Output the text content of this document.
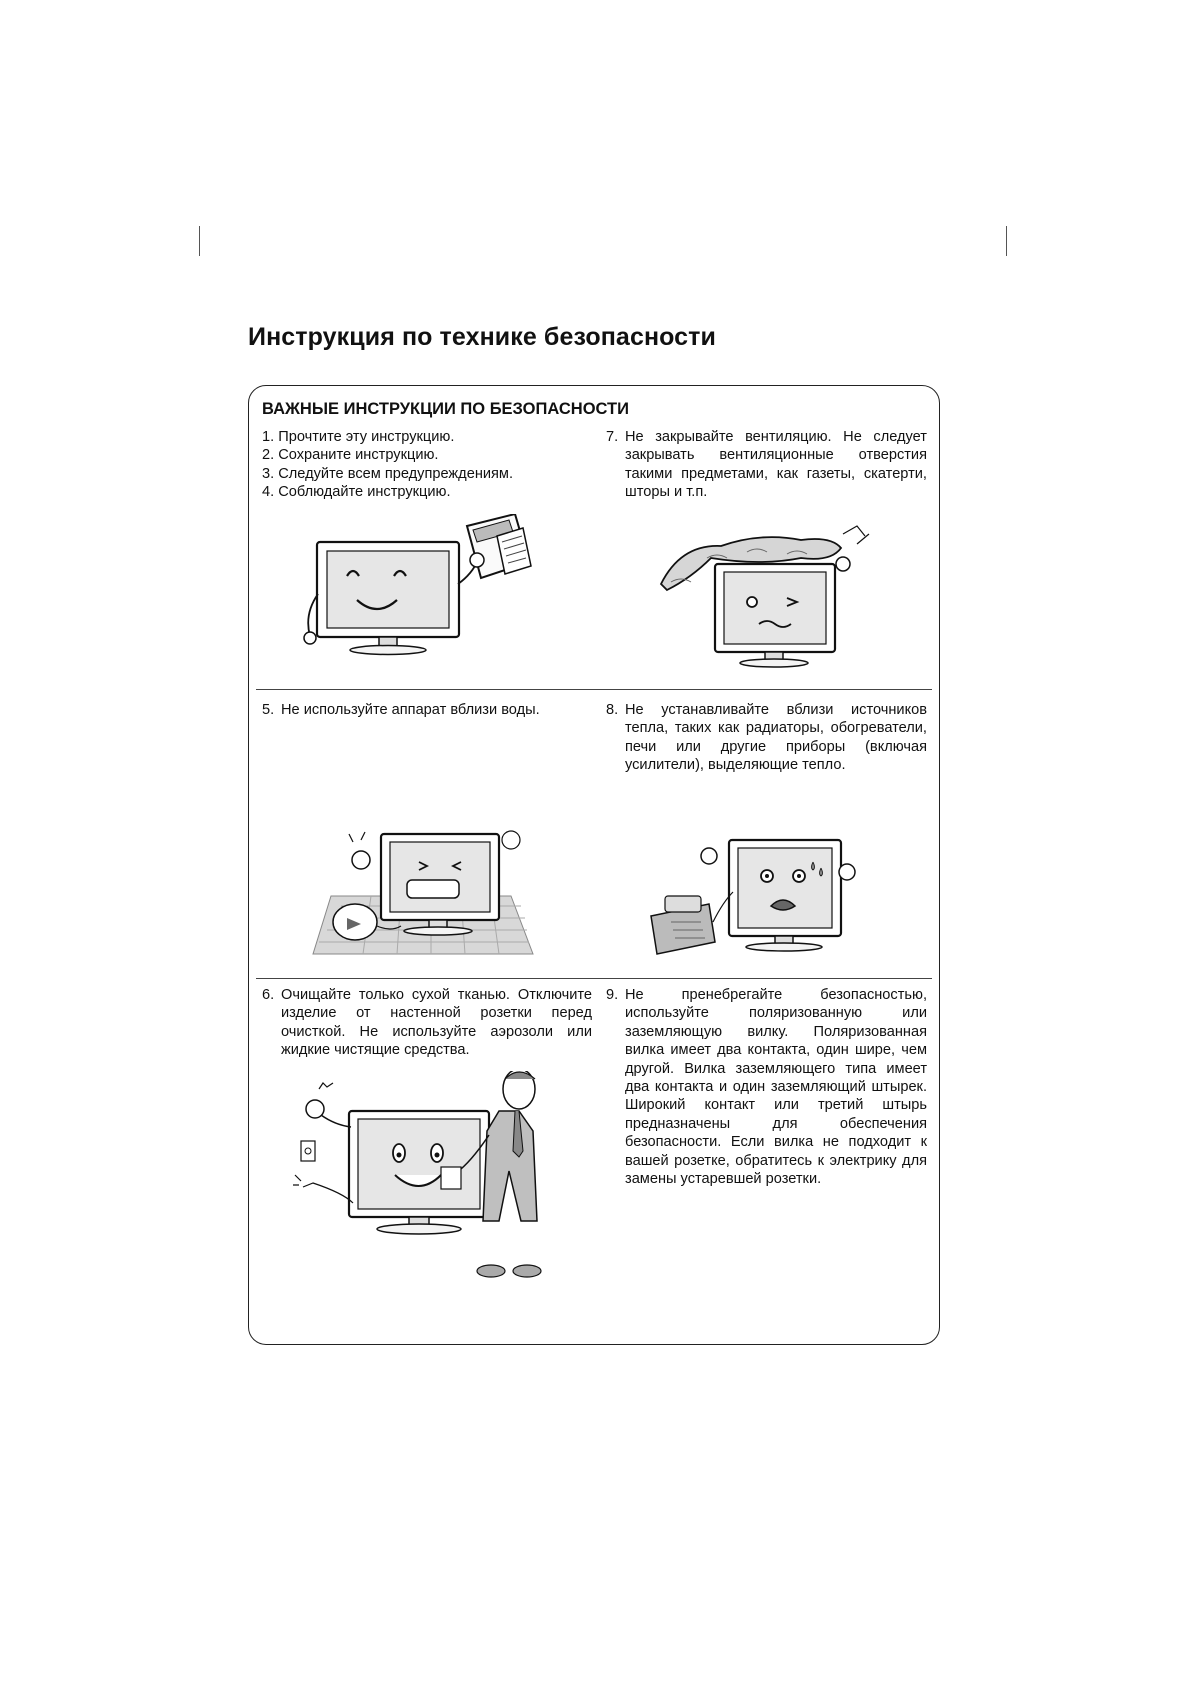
Инструкция по технике безопасности
ВАЖНЫЕ ИНСТРУКЦИИ ПО БЕЗОПАСНОСТИ
1. Прочтите эту инструкцию.
2. Сохраните инструкцию.
3. Следуйте всем предупреждениям.
4. Соблюдайте инструкцию.
7. Не закрывайте вентиляцию. Не следует закрывать вентиляционные отверстия такими предметами, как газеты, скатерти, шторы и т.п.
5. Не используйте аппарат вблизи воды.	8. Не устанавливайте вблизи источников тепла, таких как радиаторы, обогреватели, печи или другие приборы (включая усилители), выделяющие тепло.
6. Очищайте только сухой тканью. Отключите изделие от настенной розетки перед очисткой. Не используйте аэрозоли или жидкие чистящие средства.
9. Не пренебрегайте безопасностью, используйте поляризованную или заземляющую вилку. Поляризованная вилка имеет два контакта, один шире, чем другой. Вилка заземляющего типа имеет два контакта и один заземляющий штырек. Широкий контакт или третий штырь предназначены для обеспечения безопасности. Если вилка не подходит к вашей розетке, обратитесь к электрику для замены устаревшей розетки.
